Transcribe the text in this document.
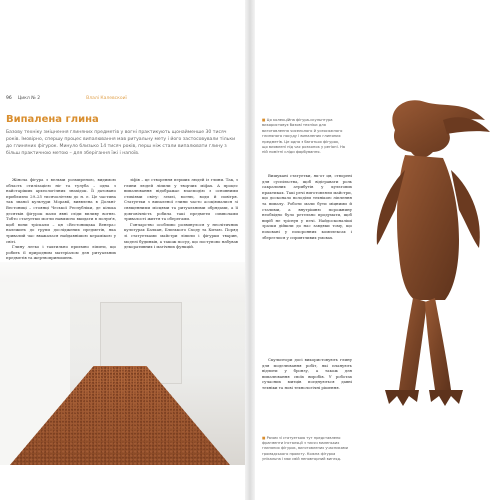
96 Цикл № 2	Влалі Калевскоиї
Випалена глина
Базову техніку зміцнення глиняних предметів у вогні практикують щонайменше 30 тисяч років. Імовірно, спершу процес випалювання мав ритуальну мету і його застосовували тільки до глиняних фігурок. Минуло близько 14 тисяч років, перш ніж стали випалювати глину з більш практичною метою – для зберігання їжі і напоїв.

Жіноча фігура з вельми розмиреною, видимою область стилізацією ніг та тулуба – одна з найстаріших археологічних знахідок. Її датовано приблизно 29–25 тисячоліттям до н. е. Це частина так званої культури Моравії, виявлена в Дольні-Вестониці – стоянці Чеської Республіки, де кілька десятків фігурок мали явні сліди впливу вогню. Тобто статуетки могли навмисно вкидати в полум'я, щоб вони тріскали – ця «Вестоницька Венера» належить до групи досліджених предметів, яка тривалий час вважалася найдавнішою керамікою у світі.

Глину легко і тактильно приємно ліпити, що робить її природним матеріалом для ритуальних предметів та жертвоприношень.

зіфів – це створення перших людей із глини. Так, з глини людей ліпили у творчих міфах. А процес випалювання відображає взаємодію з основними стихіями світу: землі, вогню, води й повітря. Статуетки з випаленої глини часто асоціювалися зі священними місцями та ритуальними обрядами, а її довговічність робила такі предмети символами тривалості життя та оберегами.

Гончарство особливо розвинулося у неолітичних культурах Балкан, Близького Сходу та Китаю. Поряд зі статуетками майстри ліпили і фігурки тварин, моделі будинків, а також посуд, що поступово набував декоративних і магічних функцій.

■ Ця колекційна фігура-скульптура використовує базові техніки для виготовлення чисельного й усеосяжного глиняного посуду і випалених глиняних предметів. Це одна з багатьох фігурок, що виявлені під час розкопок у регіоні. На ній помітні сліди фарбування.

Вишукані статуетки, як-от ця, створені для суспільства, щоб відігравати роль сакральних атрибутів у культових практиках. Такі речі виготовляли майстри, що досконало володіли технікою ліплення та випалу. Роботи мали бути міцними й сталими, а внутрішню порожнину необхідно було ретельно продумати, щоб виріб не тріснув у печі. Найдосконаліші зразки дійшли до нас завдяки тому, що поховані у похоронних комплексах і збереглися у сприятливих умовах.

Скульптори досі використовують глину для моделювання робіт, які планують відлити у бронзу, а також для випалювання своїх виробів. У роботах сучасних митців поєднуються давні техніки та нові технологічні рішення.

■ Разом зі статуеткою тут представлено фрагменти інсталяції з тисяч маленьких глиняних фігурок, виготовлених учасниками громадського проєкту. Кожна фігурка унікальна і має свій неповторний вигляд.
